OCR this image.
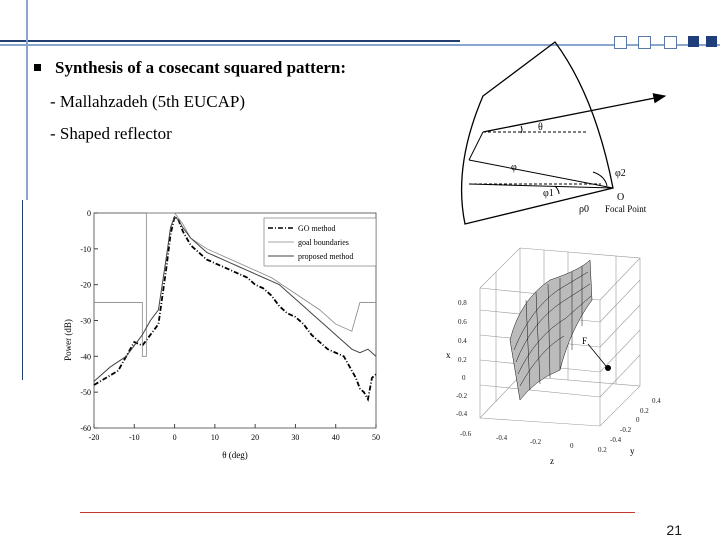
Synthesis of a cosecant squared pattern:
- Mallahzadeh (5th EUCAP)
- Shaped reflector	θ
φ
φ2
φ1	O
ρ0 Focal Point
F
0.8
0.6
0.4
0.2
0
-0.2
-0.4
0.4
0.2
0
-0.2
-0.4
-0.6	-0.4	-0.2	0	0.2
x
y
z
-20	-10	0	10	20	30	40	50
0
-10
-20
-30
-40
-50
-60
Power (dB)
θ (deg)
GO method
goal boundaries
proposed method
21
